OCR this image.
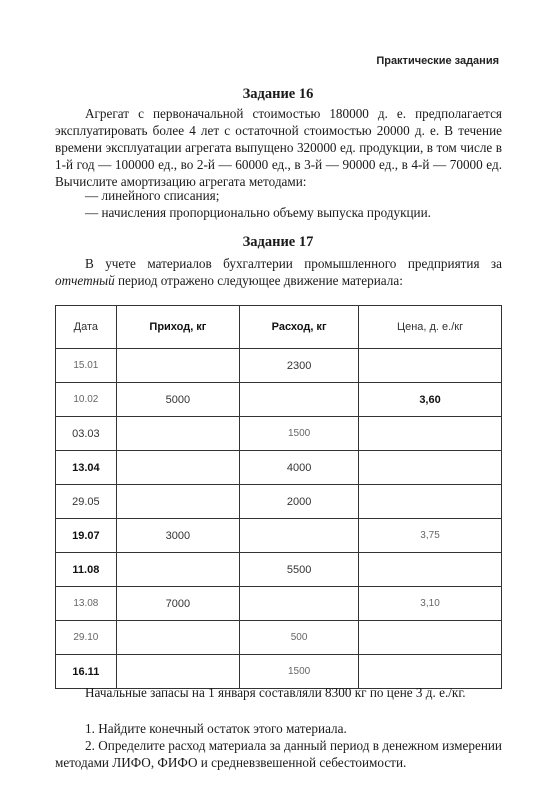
Практические задания
Задание 16

Агрегат с первоначальной стоимостью 180000 д. е. предполагается эксплуатировать более 4 лет с остаточной стоимостью 20000 д. е. В течение времени эксплуатации агрегата выпущено 320000 ед. продукции, в том числе в 1-й год — 100000 ед., во 2-й — 60000 ед., в 3-й — 90000 ед., в 4-й — 70000 ед. Вычислите амортизацию агрегата методами:

— линейного списания;
— начисления пропорционально объему выпуска продукции.
Задание 17

В учете материалов бухгалтерии промышленного предприятия за отчетный период отражено следующее движение материала:

Дата	Приход, кг	Расход, кг	Цена, д. е./кг
15.01		2300	
10.02	5000		3,60
03.03		1500	
13.04		4000	
29.05		2000	
19.07	3000		3,75
11.08		5500	
13.08	7000		3,10
29.10		500	
16.11		1500	

Начальные запасы на 1 января составляли 8300 кг по цене 3 д. е./кг.

1. Найдите конечный остаток этого материала.

2. Определите расход материала за данный период в денежном измерении методами ЛИФО, ФИФО и средневзвешенной себестоимости.
